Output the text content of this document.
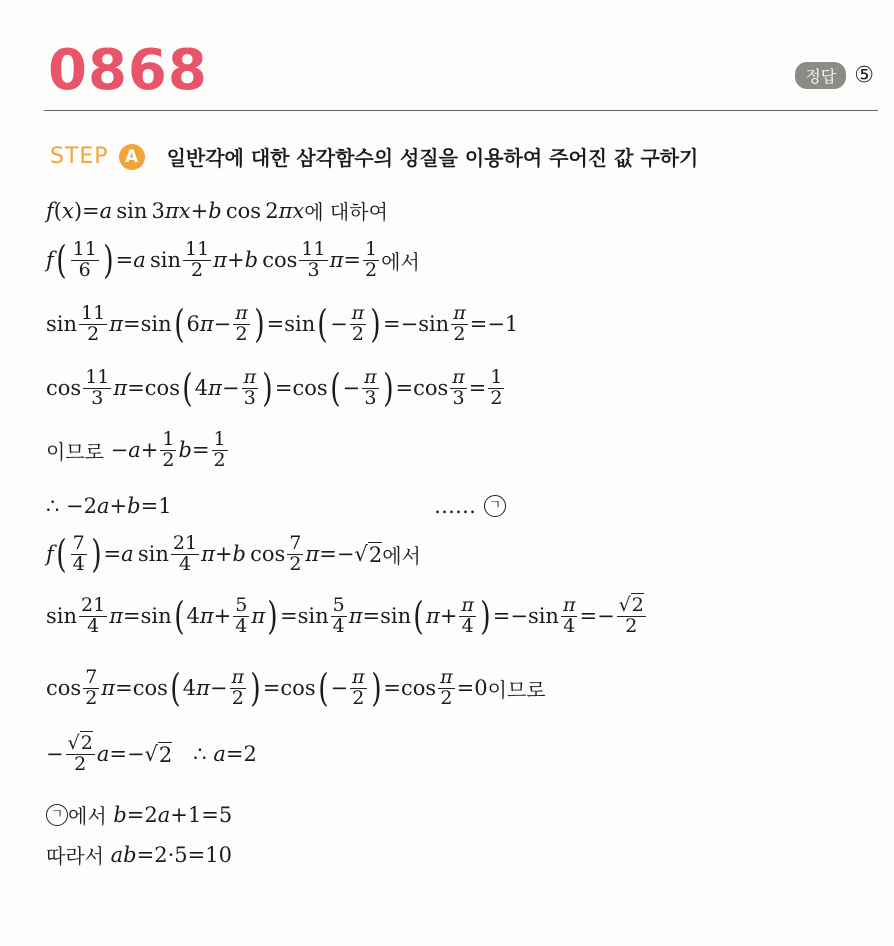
0868	정답 ⑤
STEP A	일반각에 대한 삼각함수의 성질을 이용하여 주어진 값 구하기
f ( x )= a  sin 3 πx + b  cos 2 πx 에 대하여
f ( 11
6 ) = a  sin 11
2 π + b  cos 11
3 π = 1
2 에서
sin 11
2 π =sin ( 6 π − π
2 ) =sin ( − π
2 ) =−sin π
2 =−1
cos 11
3 π =cos ( 4 π − π
3 ) =cos ( − π
3 ) =cos π
3 = 1
2
이므로 − a + 1
2 b = 1
2
∴ −2 a + b =1	…… ㄱ
f ( 7
4 ) = a  sin 21
4 π + b  cos 7
2 π =−√ 2 에서
sin 21
4 π =sin ( 4 π + 5
4 π ) =sin 5
4 π =sin ( π + π
4 ) =−sin π
4 =− √2
2
cos 7
2 π =cos ( 4 π − π
2 ) =cos ( − π
2 ) =cos π
2 =0 이므로
− √2
2 a =−√ 2  ∴ a =2
ㄱ 에서
b =2 a +1=5
따라서
ab =2·5=10
